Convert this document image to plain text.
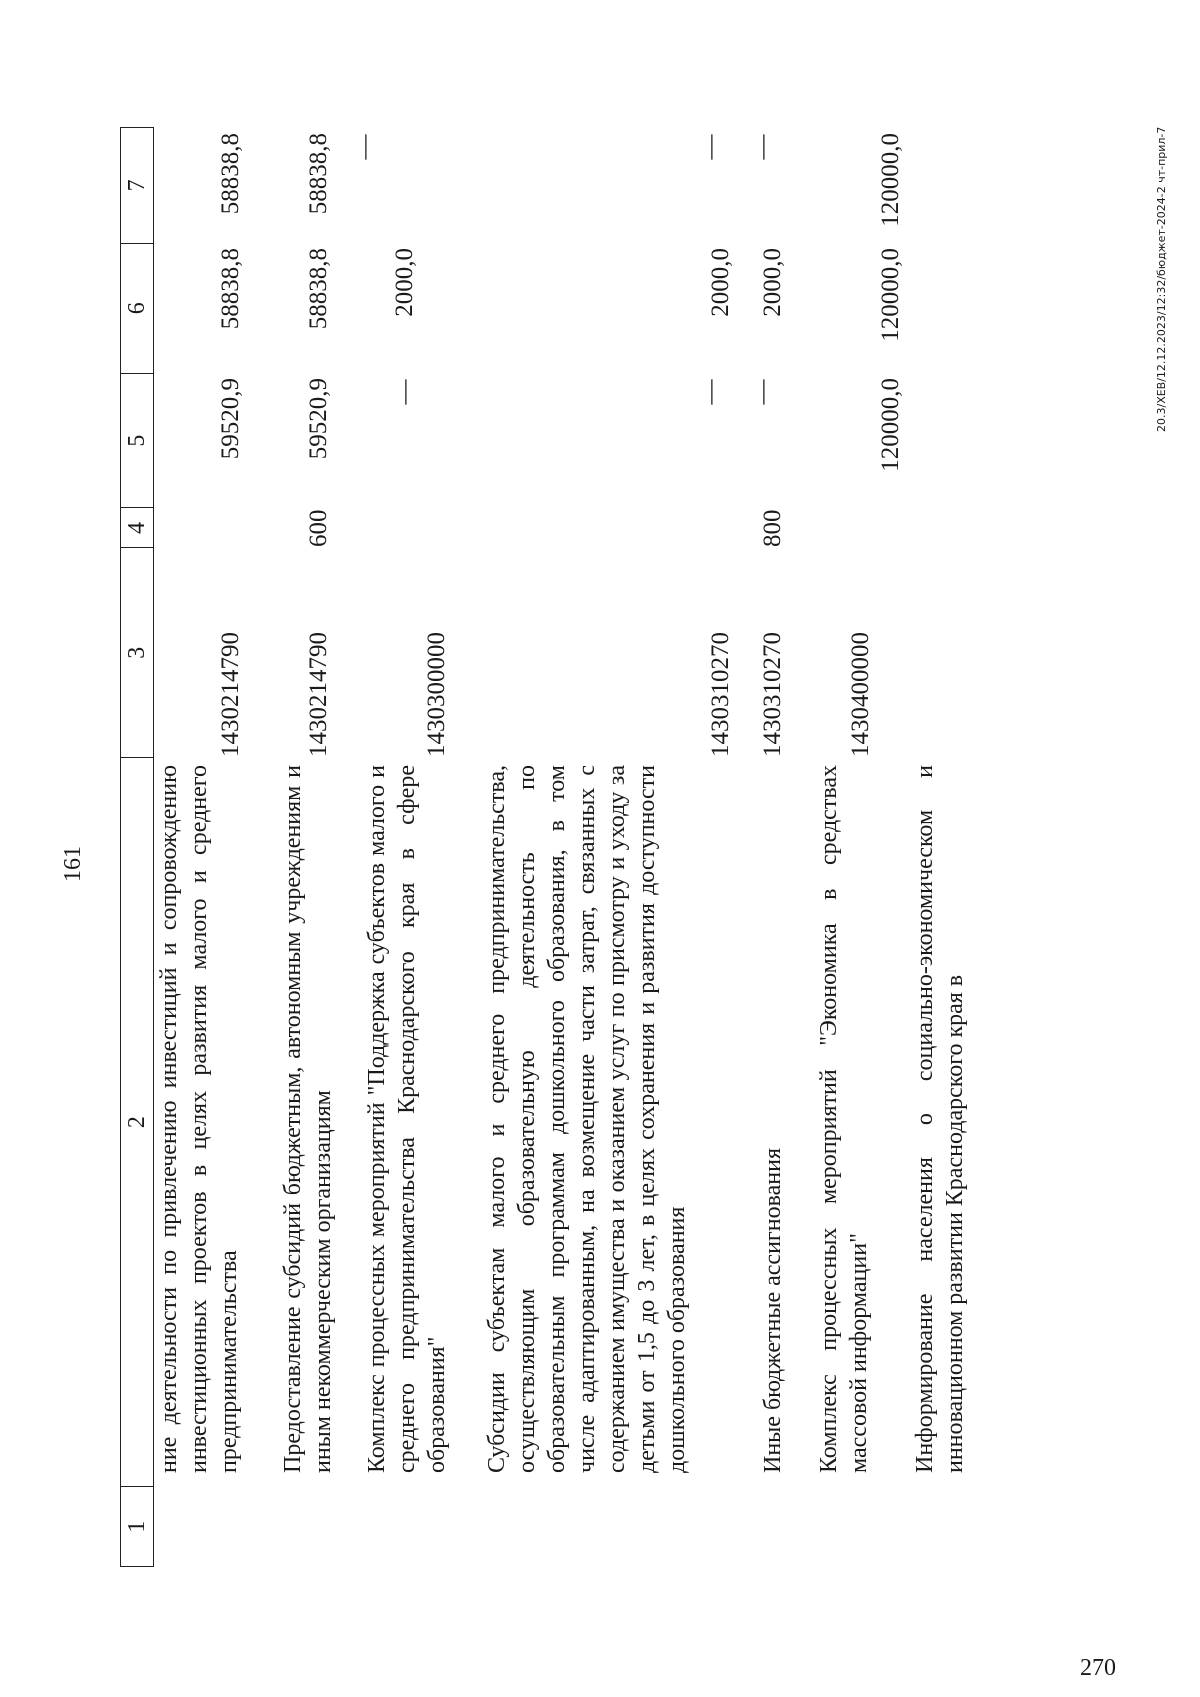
161
1
2
3
4
5
6
7
ние деятельности по привлечению инвестиций и сопровождению инвестиционных проектов в целях развития малого и среднего предпринимательства
1430214790
59520,9
58838,8
58838,8
Предоставление субсидий бюджетным, автономным учреждениям и иным некоммерческим организациям
1430214790
600
59520,9
58838,8
58838,8
Комплекс процессных мероприятий "Поддержка субъектов малого и среднего предпринимательства Краснодарского края в сфере образования"
1430300000
—
2000,0
—
Субсидии субъектам малого и среднего предпринимательства, осуществляющим образовательную деятельность по образовательным программам дошкольного образования, в том числе адаптированным, на возмещение части затрат, связанных с содержанием имущества и оказанием услуг по присмотру и уходу за детьми от 1,5 до 3 лет, в целях сохранения и развития доступности дошкольного образования
1430310270
—
2000,0
—
Иные бюджетные ассигнования
1430310270
800
—
2000,0
—
Комплекс процессных мероприятий "Экономика в средствах массовой информации"
1430400000
120000,0
120000,0
120000,0
Информирование населения о социально-экономическом и инновационном развитии Краснодарского края в
20.3/ХЕВ/12.12.2023/12:32/бюджет-2024-2 чт-прил-7
270
